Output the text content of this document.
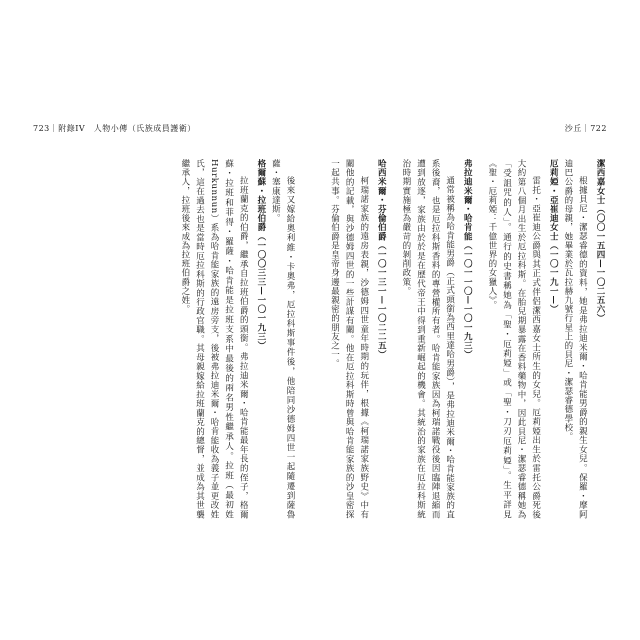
723｜附錄IV　人物小傳（氏族成員護衛）

後來又嫁給奧利維・卡奧弗，厄拉科斯事件後，他陪同沙德姆四世一起隨遷到薩魯薩・塞康達斯。

格爾蘇・拉班伯爵（一〇〇三三—一〇一九三）

拉班蘭克的伯爵，繼承自拉班伯爵的頭銜。弗拉迪米爾・哈肯能最年長的侄子，格爾蘇・拉班和菲得・羅薩・哈肯能是拉班支系中最後的兩名男性繼承人。拉班（最初姓Hurkunnun）系為哈肯能家族的遠房旁支，後被弗拉迪米爾・哈肯能收為義子並更改姓氏，這在過去也是當時厄拉科斯的行政官職。其母親嫁給拉班蘭克的總督，並成為其世襲繼承人，拉班後來成為拉班伯爵之姓。

沙丘｜722
潔西嘉女士（〇〇一五四—一〇二五六）

根據貝尼・潔瑟睿德的資料，她是弗拉迪米爾・哈肯能男爵的親生女兒。保羅・摩阿迪巴公爵的母親，她畢業於瓦拉赫九號行星上的貝尼・潔瑟睿德學校。

厄莉婭・亞崔迪女士（一〇一九一—）

雷托・亞崔迪公爵與其正式伴侶潔西嘉女士所生的女兒。厄莉婭出生於雷托公爵死後大約第八個月出生於厄拉科斯。在胎兒期暴露在香料藥物中，因此貝尼・潔瑟睿德稱她為「受詛咒的人」。通行的史書稱她為「聖・厄莉婭」或「聖・刀刃厄莉婭」。生平詳見《聖・厄莉婭：千億世界的女獵人》。

弗拉迪米爾・哈肯能（一〇一一〇—一〇一九三）

通常被稱為哈肯能男爵（正式頭銜為西里達哈男爵），是弗拉迪米爾・哈肯能家族的直系後裔，也是厄拉科斯香料的專營權所有者。哈肯能家族因為柯瑞諾戰役後因臨陣退縮而遭到放逐，家族由於於是在歷代帝王中得到重新崛起的機會。其統治的家族在厄拉科斯統治時期實施極為嚴苛的剝削政策。

哈西米爾・芬倫伯爵（一〇一三一—一〇二二五）

柯瑞諾家族的遠房表親，沙德姆四世童年時期的玩伴，根據《柯瑞諾家族野史》中有關他的記載，與沙德姆四世的一些計謀有關。他在厄拉科斯時曾與哈肯能家族的沙皇密探一起共事。芬倫伯爵是皇帝身邊最親密的朋友之一。
